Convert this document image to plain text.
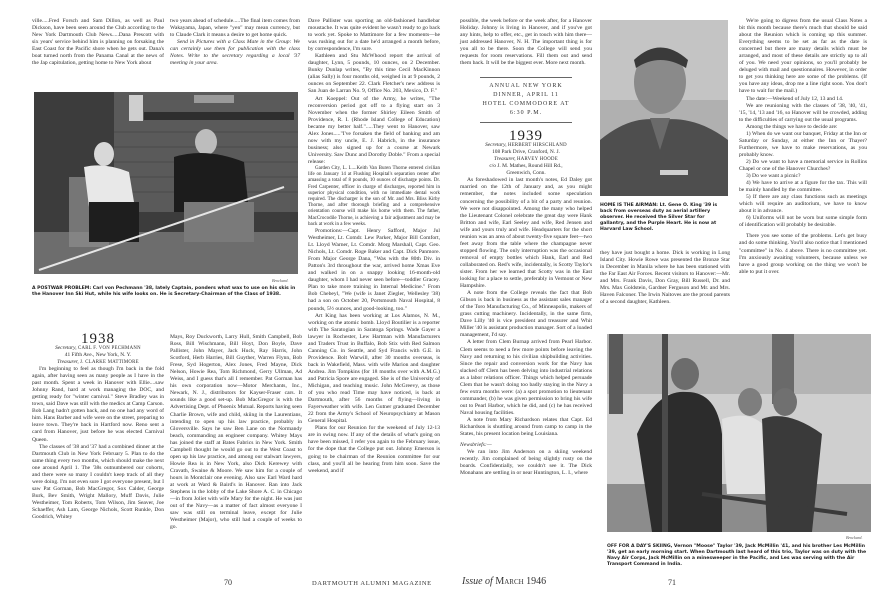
ville.....Fred Forsch and Sam Dillon, as well as Paul Dickson, have been seen around the Club according to the New York Dartmouth Club News.....Dana Prescott with six years' service behind him is planning on forsaking the East Coast for the Pacific shore when he gets out. Dana's boat turned north from the Panama Canal at the news of the Jap capitulation, getting home to New York about

two years ahead of schedule.....The final item comes from Wakayama, Japan, where "yen" may mean currency, but to Claude Clark it means a desire to get home quick.

Send in Pictures with a Class Mate in the Group: We can certainly use them for publication with the class Notes. Write to the secretary regarding a local '37 meeting in your area.

Brockard.
A POSTWAR PROBLEM: Carl von Pechmann '38, lately Captain, ponders what wax to use on his skis in the Hanover Inn Ski Hut, while his wife looks on. He is Secretary-Chairman of the Class of 1938.
1938
Secretary, CARL F. VON PECHMANN
41 Fifth Ave., New York, N. Y.
Treasurer, J. CLARKE MATTIMORE

I'm beginning to feel as though I'm back in the fold again, after having seen as many people as I have in the past month. Spent a week in Hanover with Ellie....saw Johnny Rand, hard at work managing the DOC, and getting ready for "winter carnival." Steve Bradley was in town, said Dave was still with the medics at Camp Carson. Bob Lang hadn't gotten back, and no one had any word of him. Hans Barber and wife were on the street, preparing to leave town. They're back in Hartford now. Reno sent a card from Hanover, just before he was elected Carnival Queen.

The classes of '38 and '37 had a combined dinner at the Dartmouth Club in New York February 5. Plan to do the same thing every two months, which should make the next one around April 1. The '38s outnumbered our cohorts, and there were so many I couldn't keep track of all they were doing. I'm not even sure I got everyone present, but I saw Pat Gorman, Bob MacGregor, Sox Calder, George Burk, Bev Smith, Wright Mallory, Muff Davis, Julie Westheimer, Tom Roberts, Tom Wilson, Jim Seaver, Joe Schaeffer, Ash Lam, George Nichols, Scott Runkle, Don Goodrich, Whitey

Mays, Roy Duckworth, Larry Hull, Smith Campbell, Bob Ross, Bill Wischmann, Bill Hoyt, Don Boyle, Dave Pallister, John Mayer, Jack Huck, Ray Harris, John Scotford, Herb Harries, Bill Guyther, Warren Flynn, Bob Frese, Syd Hogerton, Alex Jones, Fred Mayne, Dick Nelson, Howie Rea, Tom Richmond, Gerry Ullman, Ad Weiss, and I guess that's all I remember. Pat Gorman has his own corporation now—Motor Merchants, Inc., Newark, N. J., distributors for Kayser-Fraser cars. It sounds like a good set-up. Bob MacGregor is with the Advertising Dept. of Phoenix Mutual. Reports having seen Charlie Brown, wife and child, skiing in the Laurentians, intending to open up his law practice, probably in Gloversville. Says he saw Ben Lane on the Normandy beach, commanding an engineer company. Whitey Mays has joined the staff at Bates Fabrics in New York. Smith Campbell thought he would go out to the West Coast to open up his law practice, and among our stalwart lawyers, Howie Rea is in New York, also Dick Kerewey with Cravath, Swaine & Moore. We saw him for a couple of hours in Montclair one evening. Also saw Earl Ward hard at work at Ward & Baird's in Hanover. Ran into Jack Stephens in the lobby of the Lake Shore A. C. in Chicago—in from Joliet with wife Mary for the night. He was just out of the Navy—as a matter of fact almost everyone I saw was still on terminal leave, except for Julie Westheimer (Major), who still had a couple of weeks to go.

Dave Pallister was sporting an old-fashioned handlebar moustache. It was quite evident he wasn't ready to go back to work yet. Spoke to Mattimore for a few moments—he was rushing out for a date he'd arranged a month before, by correspondence, I'm sure.

Kathleen and Stu McWhood report the arrival of daughter, Lynn, 5 pounds, 10 ounces, on 2 December. Bunky Dunlap writes, "By this time Cecil MacKinnon (alias Sally) is four months old, weighed in at 9 pounds, 2 ounces on September 22. Clark Fletcher's new address is San Juan de Larran No. 9, Office No. 203, Mexico, D. F."

Art Koeppel: Out of the Army, he writes, "The reconversion period got off to a flying start on 3 November when the former Shirley Eileen Smith of Providence, R. I. (Rhode Island College of Education) became my better half.".....They went to Hanover, saw Alex Jones....."I've forsaken the field of banking and am now with my uncle, E. J. Habrich, in the insurance business; also signed up for a course at Newark University. Saw Dunc and Dorothy Doble." From a special release:

Garden City, L. I.....Keith Van Buren Thorne entered civilian life on January 14 at Flushing Hospital's separation center after amassing a total of 8 pounds, 10 ounces of discharge points. Dr. Fred Carpenter, officer in charge of discharges, reported him in superior physical condition, with no immediate dental work required. The discharger is the son of Mr. and Mrs. Bliss Kirby Thorne, and after thorough briefing and a comprehensive orientation course will make his home with them. The father, MacCrocodile Thorne, is achieving a fair adjustment and may be back at work in a few weeks.

Promotions:—Capt. Henry Safford, Major Jul Westheimer, Lt. Comdr. Lew Parker, Major Bill Comfort, Lt. Lloyd Warner, Lt. Comdr. Morg Marshall, Capt. Geo. Nichols, Lt. Comdr. Roge Baker and Capt. Dick Panmore. From Major George Dana, "Was with the 80th Div. in Patton's 3rd throughout the war, arrived home Xmas Eve and walked in on a snappy looking 16-month-old daughter, whom I had never seen before—toddler Gracey. Plan to take more training in Internal Medicine." From Bob Chebeyl, "We (wife is Janet Ziegler, Wellesley '38) had a son on October 20, Portsmouth Naval Hospital, 8 pounds, 5½ ounces, and good-looking, too."

Art King has been working at Los Alamos, N. M., working on the atomic bomb. Lloyd Boutilier is a reporter with The Saratogian in Saratoga Springs. Wade Gayer a lawyer in Rochester, Lew Hartman with Manufacturers and Traders Trust in Buffalo, Bob Stix with Red Salmon Canning Co. in Seattle, and Syd Francis with G.E. in Providence. Bolt Warwill, after 30 months overseas, is back in Wakefield, Mass. with wife Marion and daughter Andrea. Jim Tompkins (for 18 months over with A.M.G.) and Patricia Spore are engaged. She is of the University of Michigan, and teaching music. John McGreevy, as those of you who read Time may have noticed, is back at Dartmouth, after 56 months of flying—living in Fayerweather with wife. Len Gutner graduated December 22 from the Army's School of Neuropsychiatry at Mason General Hospital.

Plans for our Reunion for the weekend of July 12-13 are in swing now. If any of the details of what's going on have been missed, I refer you again to the February issue, for the dope that the College put out. Johnny Emerson is going to be chairman of the Reunion committee for our class, and you'll all be hearing from him soon. Save the weekend, and if

70	DARTMOUTH ALUMNI MAGAZINE

possible, the week before or the week after, for a Hanover Holiday. Johnny is living in Hanover, and if you've got any hints, help to offer, etc., get in touch with him there—just addressed Hanover, N. H. The important thing is for you all to be there. Soon the College will send you requests for room reservations. Fill them out and send them back. It will be the biggest ever. More next month.

ANNUAL NEW YORK DINNER, APRIL 11
HOTEL COMMODORE AT 6:30 P.M.
1939
Secretary, HERBERT HIRSCHLAND
108 Park Drive, Cranford, N. J.
Treasurer, HARVEY HOODE
c/o J. M. Mathes, Round Hill Rd.,
Greenwich, Conn.

As foreshadowed in last month's notes, Ed Daley got married on the 12th of January and, as you might remember, the notes included some speculation concerning the possibility of a bit of a party and reunion. We were not disappointed. Among the many who helped the Lieutenant Colonel celebrate the great day were Hank Britton and wife, Earl Seeley and wife, Red Jensen and wife and yours truly and wife. Headquarters for the short reunion was an area of about twenty-five square feet—two feet away from the table where the champagne never stopped flowing. The only interruption was the occasional removal of empty bottles which Hank, Earl and Red collaborated on. Red's wife, incidentally, is Scotty Taylor's sister. From her we learned that Scotty was in the East looking for a place to settle, preferably in Vermont or New Hampshire.

A note from the College reveals the fact that Bob Gibson is back in business as the assistant sales manager of the Toro Manufacturing Co., of Minneapolis, makers of grass cutting machinery. Incidentally, in the same firm, Dave Lilly '40 is vice president and treasurer and Whit Miller '40 is assistant production manager. Sort of a loaded management, I'd say.

A letter from Clem Burnap arrived from Pearl Harbor. Clem seems to need a few more points before leaving the Navy and returning to his civilian shipbuilding activities. Since the repair and conversion work for the Navy has slacked off Clem has been delving into industrial relations as a labor relations officer. Things which helped persuade Clem that he wasn't doing too badly staying in the Navy a few extra months were: (a) a spot promotion to lieutenant commander, (b) he was given permission to bring his wife out to Pearl Harbor, which he did, and (c) he has received Naval housing facilities.

A note from Mary Richardson relates that Capt. Ed Richardson is shuttling around from camp to camp in the States, his present location being Louisiana.

Newsbriefs:—

We ran into Jim Anderson on a skiing weekend recently. Jim complained of being slightly rusty on the boards. Confidentially, we couldn't see it. The Dick Monahans are settling in or near Huntington, L. I., where

HOME IS THE AIRMAN: Lt. Gene O. King '39 is back from overseas duty as aerial artillery observer. He received the Silver Star for gallantry, and the Purple Heart. He is now at Harvard Law School.

they have just bought a home. Dick is working in Long Island City. Howie Rowe was presented the Bronze Star in December in Manila where he has been stationed with the Far East Air Forces. Recent visitors to Hanover:—Mr. and Mrs. Frank Davis, Don Gray, Bill Russell, Dr. and Mrs. Max Goldstein, Gardner Ferguson and Mr. and Mrs. Haven Falconer. The Irwin Naitoves are the proud parents of a second daughter, Kathleen.

We're going to digress from the usual Class Notes a bit this month because there's much that should be said about the Reunion which is coming up this summer. Everything seems to be set as far as the date is concerned but there are many details which must be arranged, and most of these details are strictly up to all of you. We need your opinions, so you'll probably be deluged with mail and questionnaires. However, in order to get you thinking here are some of the problems. (If you have any ideas, drop me a line right soon. You don't have to wait for the mail.)

The date:—Weekend of July 12, 13 and 14.

We are reunioning with the classes of '38, '40, '41, '15, '14, '13 and '16, so Hanover will be crowded, adding to the difficulties of carrying out the usual programs.

Among the things we have to decide are:

1) When do we want our banquet, Friday at the Inn or Saturday or Sunday, at either the Inn or Thayer? Furthermore, we have to make reservations, as you probably know.

2) Do we want to have a memorial service in Rollins Chapel or one of the Hanover Churches?

3) Do we want a picnic?

4) We have to arrive at a figure for the tax. This will be mainly handled by the committee.

5) If there are any class functions such as meetings which will require an auditorium, we have to know about it in advance.

6) Uniforms will not be worn but some simple form of identification will probably be desirable.

There you see some of the problems. Let's get busy and do some thinking. You'll also notice that I mentioned "committee" in No. 4 above. There is no committee yet. I'm anxiously awaiting volunteers, because unless we have a good group working on the thing we won't be able to put it over.

Brockard.
OFF FOR A DAY'S SKIING, Vernon "Moose" Taylor '39, Jack McMillin '41, and his brother Les McMillin '39, get an early morning start. When Dartmouth last heard of this trio, Taylor was on duty with the Navy Air Corps, Jack McMillin on a minesweeper in the Pacific, and Les was serving with the Air Transport Command in India.
Issue of March 1946	71
